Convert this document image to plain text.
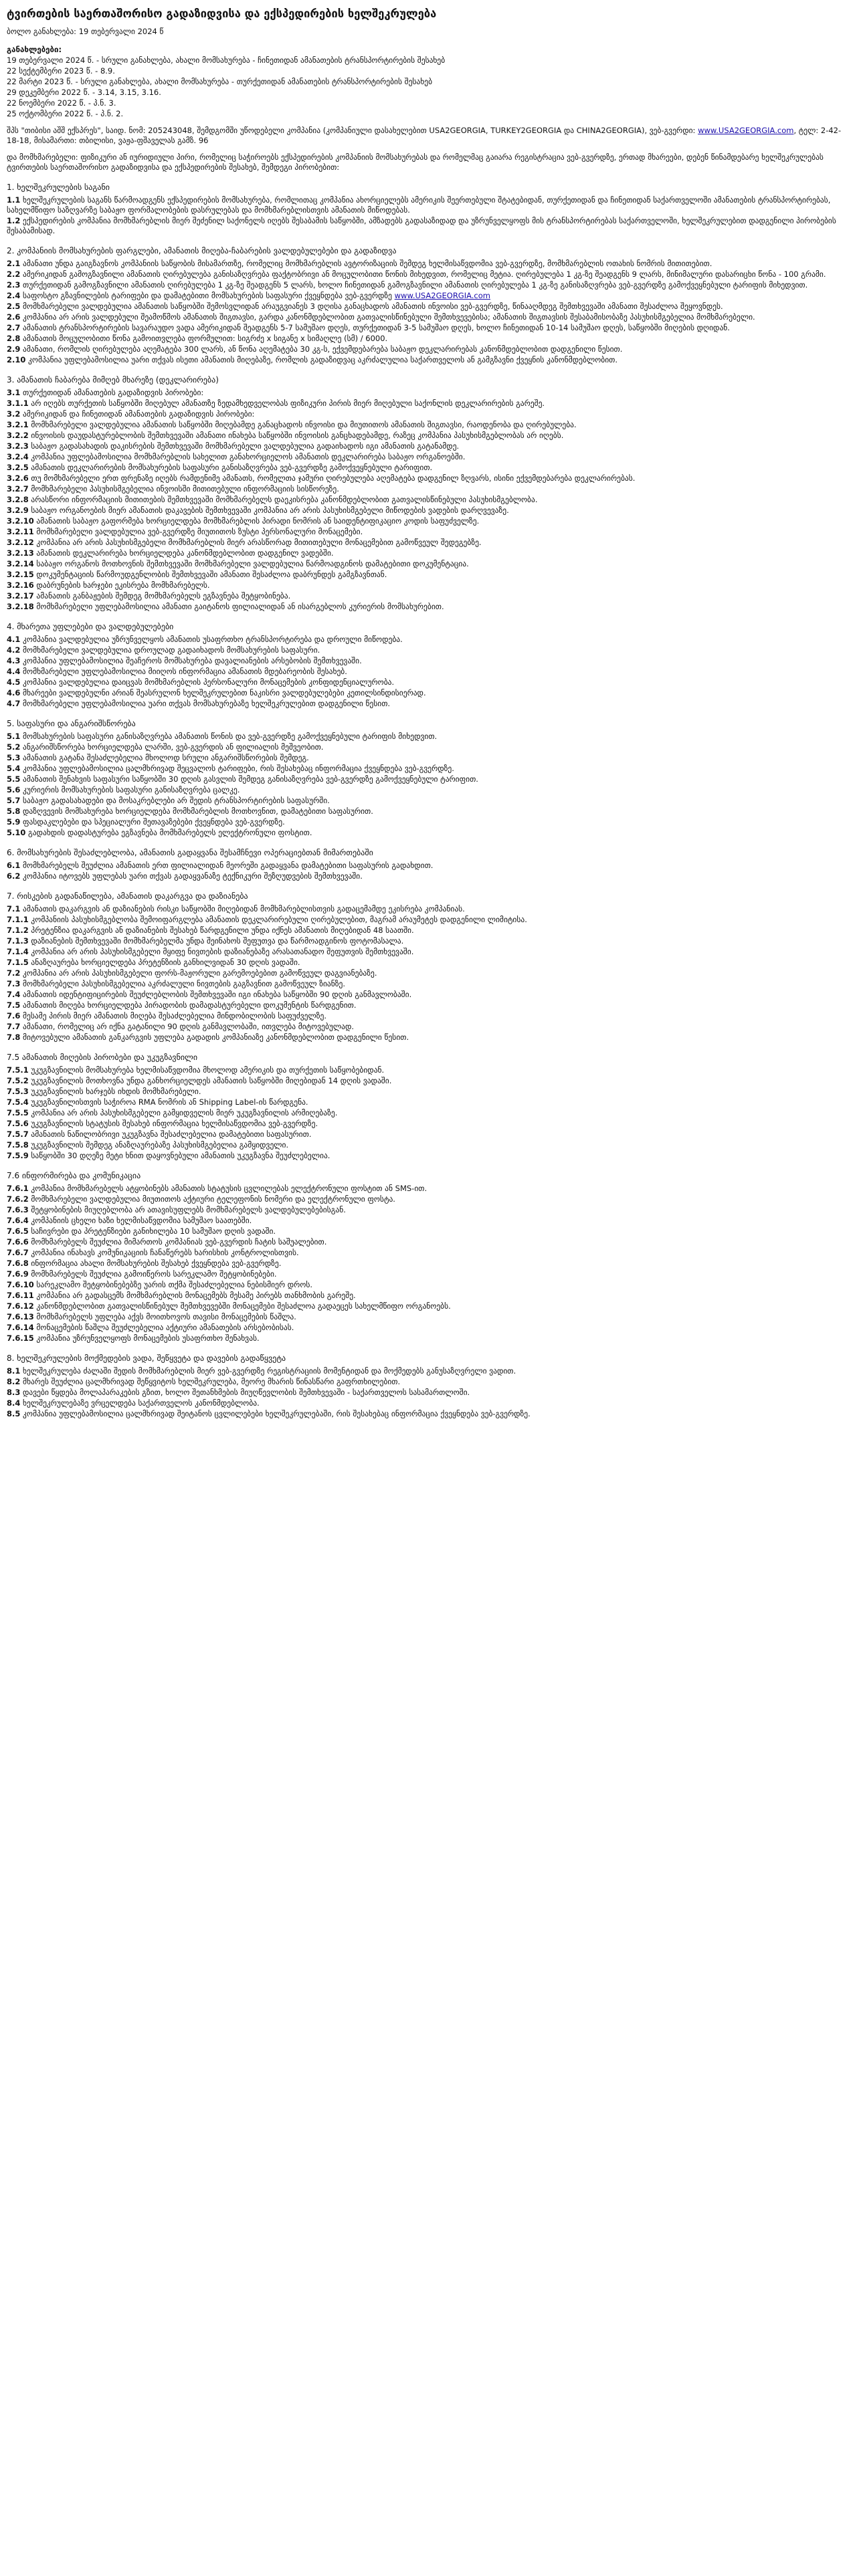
ტვირთების საერთაშორისო გადაზიდვისა და ექსპედირების ხელშეკრულება
ბოლო განახლება: 19 თებერვალი 2024 წ
განახლებები:
19 თებერვალი 2024 წ. - სრული განახლება, ახალი მომსახურება - ჩინეთიდან ამანათების ტრანსპორტირების შესახებ
22 სექტემბერი 2023 წ. - 8.9.
22 მარტი 2023 წ. - სრული განახლება, ახალი მომსახურება - თურქეთიდან ამანათების ტრანსპორტირების შესახებ
29 დეკემბერი 2022 წ. - 3.14, 3.15, 3.16.
22 ნოემბერი 2022 წ. - პ.ნ. 3.
25 ოქტომბერი 2022 წ. - პ.ნ. 2.

შპს "თიბისი აშშ ექსპრეს", საიდ. ნომ: 205243048, შემდგომში უწოდებელი კომპანია (კომპანიული დასახელებით USA2GEORGIA, TURKEY2GEORGIA და CHINA2GEORGIA), ვებ-გვერდი: www.USA2GEORGIA.com, ტელ: 2-42-18-18, მისამართი: თბილისი, ვაჟა-ფშაველას გამზ. 96

და მომხმარებელი: ფიზიკური ან იურიდიული პირი, რომელიც საჭიროებს ექსპედირების კომპანიის მომსახურებას და რომელმაც გაიარა რეგისტრაცია ვებ-გვერდზე, ერთად მხარეები, დებენ წინამდებარე ხელშეკრულებას ტვირთების საერთაშორისო გადაზიდვისა და ექსპედირების შესახებ, შემდეგი პირობებით:

1. ხელშეკრულების საგანი
1.1 ხელშეკრულების საგანს წარმოადგენს ექსპედირების მომსახურება, რომლითაც კომპანია ახორციელებს ამერიკის შეერთებული შტატებიდან, თურქეთიდან და ჩინეთიდან საქართველოში ამანათების ტრანსპორტირებას, სახელმწიფო საზღვარზე საბაჟო ფორმალობების დასრულებას და მომხმარებლისთვის ამანათის მიწოდებას.
1.2 ექსპედირების კომპანია მომხმარებლის მიერ შეძენილ საქონელს იღებს შესაბამის საწყობში, ამზადებს გადასაზიდად და უზრუნველყოფს მის ტრანსპორტირებას საქართველოში, ხელშეკრულებით დადგენილი პირობების შესაბამისად.
2. კომპანიის მომსახურების ფარგლები, ამანათის მიღება-ჩაბარების ვალდებულებები და გადაზიდვა
2.1 ამანათი უნდა გაიგზავნოს კომპანიის საწყობის მისამართზე, რომელიც მომხმარებლის ავტორიზაციის შემდეგ ხელმისაწვდომია ვებ-გვერდზე, მომხმარებლის ოთახის ნომრის მითითებით.
2.2 ამერიკიდან გამოგზავნილი ამანათის ღირებულება განისაზღვრება ფაქტობრივი ან მოცულობითი წონის მიხედვით, რომელიც მეტია. ღირებულება 1 კგ-ზე შეადგენს 9 ლარს, მინიმალური დასარიცხი წონა - 100 გრამი.
2.3 თურქეთიდან გამოგზავნილი ამანათის ღირებულება 1 კგ-ზე შეადგენს 5 ლარს, ხოლო ჩინეთიდან გამოგზავნილი ამანათის ღირებულება 1 კგ-ზე განისაზღვრება ვებ-გვერდზე გამოქვეყნებული ტარიფის მიხედვით.
2.4 საფოსტო გზავნილების ტარიფები და დამატებითი მომსახურების საფასური ქვეყნდება ვებ-გვერდზე www.USA2GEORGIA.com
2.5 მომხმარებელი ვალდებულია ამანათის საწყობში შემოსვლიდან არაუგვიანეს 3 დღისა განაცხადოს ამანათის ინვოისი ვებ-გვერდზე, წინააღმდეგ შემთხვევაში ამანათი შესაძლოა შეყოვნდეს.
2.6 კომპანია არ არის ვალდებული შეამოწმოს ამანათის შიგთავსი, გარდა კანონმდებლობით გათვალისწინებული შემთხვევებისა; ამანათის შიგთავსის შესაბამისობაზე პასუხისმგებელია მომხმარებელი.
2.7 ამანათის ტრანსპორტირების სავარაუდო ვადა ამერიკიდან შეადგენს 5-7 სამუშაო დღეს, თურქეთიდან 3-5 სამუშაო დღეს, ხოლო ჩინეთიდან 10-14 სამუშაო დღეს, საწყობში მიღების დღიდან.
2.8 ამანათის მოცულობითი წონა გამოითვლება ფორმულით: სიგრძე x სიგანე x სიმაღლე (სმ) / 6000.
2.9 ამანათი, რომლის ღირებულება აღემატება 300 ლარს, ან წონა აღემატება 30 კგ-ს, ექვემდებარება საბაჟო დეკლარირებას კანონმდებლობით დადგენილი წესით.
2.10 კომპანია უფლებამოსილია უარი თქვას ისეთი ამანათის მიღებაზე, რომლის გადაზიდვაც აკრძალულია საქართველოს ან გამგზავნი ქვეყნის კანონმდებლობით.
3. ამანათის ჩაბარება მიმღებ მხარეზე (დეკლარირება)
3.1 თურქეთიდან ამანათების გადაზიდვის პირობები:
3.1.1 არ იღებს თურქეთის საწყობში მიღებულ ამანათზე ზედამხედველობას ფიზიკური პირის მიერ მიღებული საქონლის დეკლარირების გარეშე.
3.2 ამერიკიდან და ჩინეთიდან ამანათების გადაზიდვის პირობები:
3.2.1 მომხმარებელი ვალდებულია ამანათის საწყობში მიღებამდე განაცხადოს ინვოისი და მიუთითოს ამანათის შიგთავსი, რაოდენობა და ღირებულება.
3.2.2 ინვოისის დაუდასტურებლობის შემთხვევაში ამანათი ინახება საწყობში ინვოისის განცხადებამდე, რაზეც კომპანია პასუხისმგებლობას არ იღებს.
3.2.3 საბაჟო გადასახადის დაკისრების შემთხვევაში მომხმარებელი ვალდებულია გადაიხადოს იგი ამანათის გატანამდე.
3.2.4 კომპანია უფლებამოსილია მომხმარებლის სახელით განახორციელოს ამანათის დეკლარირება საბაჟო ორგანოებში.
3.2.5 ამანათის დეკლარირების მომსახურების საფასური განისაზღვრება ვებ-გვერდზე გამოქვეყნებული ტარიფით.
3.2.6 თუ მომხმარებელი ერთ ფრენაზე იღებს რამდენიმე ამანათს, რომელთა ჯამური ღირებულება აღემატება დადგენილ ზღვარს, ისინი ექვემდებარება დეკლარირებას.
3.2.7 მომხმარებელი პასუხისმგებელია ინვოისში მითითებული ინფორმაციის სისწორეზე.
3.2.8 არასწორი ინფორმაციის მითითების შემთხვევაში მომხმარებელს დაეკისრება კანონმდებლობით გათვალისწინებული პასუხისმგებლობა.
3.2.9 საბაჟო ორგანოების მიერ ამანათის დაკავების შემთხვევაში კომპანია არ არის პასუხისმგებელი მიწოდების ვადების დარღვევაზე.
3.2.10 ამანათის საბაჟო გაფორმება ხორციელდება მომხმარებლის პირადი ნომრის ან საიდენტიფიკაციო კოდის საფუძველზე.
3.2.11 მომხმარებელი ვალდებულია ვებ-გვერდზე მიუთითოს ზუსტი პერსონალური მონაცემები.
3.2.12 კომპანია არ არის პასუხისმგებელი მომხმარებლის მიერ არასწორად მითითებული მონაცემებით გამოწვეულ შედეგებზე.
3.2.13 ამანათის დეკლარირება ხორციელდება კანონმდებლობით დადგენილ ვადებში.
3.2.14 საბაჟო ორგანოს მოთხოვნის შემთხვევაში მომხმარებელი ვალდებულია წარმოადგინოს დამატებითი დოკუმენტაცია.
3.2.15 დოკუმენტაციის წარმოუდგენლობის შემთხვევაში ამანათი შესაძლოა დაბრუნდეს გამგზავნთან.
3.2.16 დაბრუნების ხარჯები ეკისრება მომხმარებელს.
3.2.17 ამანათის განბაჟების შემდეგ მომხმარებელს ეგზავნება შეტყობინება.
3.2.18 მომხმარებელი უფლებამოსილია ამანათი გაიტანოს ფილიალიდან ან ისარგებლოს კურიერის მომსახურებით.
4. მხარეთა უფლებები და ვალდებულებები
4.1 კომპანია ვალდებულია უზრუნველყოს ამანათის უსაფრთხო ტრანსპორტირება და დროული მიწოდება.
4.2 მომხმარებელი ვალდებულია დროულად გადაიხადოს მომსახურების საფასური.
4.3 კომპანია უფლებამოსილია შეაჩეროს მომსახურება დავალიანების არსებობის შემთხვევაში.
4.4 მომხმარებელი უფლებამოსილია მიიღოს ინფორმაცია ამანათის მდებარეობის შესახებ.
4.5 კომპანია ვალდებულია დაიცვას მომხმარებლის პერსონალური მონაცემების კონფიდენციალურობა.
4.6 მხარეები ვალდებულნი არიან შეასრულონ ხელშეკრულებით ნაკისრი ვალდებულებები კეთილსინდისიერად.
4.7 მომხმარებელი უფლებამოსილია უარი თქვას მომსახურებაზე ხელშეკრულებით დადგენილი წესით.
5. საფასური და ანგარიშსწორება
5.1 მომსახურების საფასური განისაზღვრება ამანათის წონის და ვებ-გვერდზე გამოქვეყნებული ტარიფის მიხედვით.
5.2 ანგარიშსწორება ხორციელდება ლარში, ვებ-გვერდის ან ფილიალის მეშვეობით.
5.3 ამანათის გატანა შესაძლებელია მხოლოდ სრული ანგარიშსწორების შემდეგ.
5.4 კომპანია უფლებამოსილია ცალმხრივად შეცვალოს ტარიფები, რის შესახებაც ინფორმაცია ქვეყნდება ვებ-გვერდზე.
5.5 ამანათის შენახვის საფასური საწყობში 30 დღის გასვლის შემდეგ განისაზღვრება ვებ-გვერდზე გამოქვეყნებული ტარიფით.
5.6 კურიერის მომსახურების საფასური განისაზღვრება ცალკე.
5.7 საბაჟო გადასახადები და მოსაკრებლები არ შედის ტრანსპორტირების საფასურში.
5.8 დაზღვევის მომსახურება ხორციელდება მომხმარებლის მოთხოვნით, დამატებითი საფასურით.
5.9 ფასდაკლებები და სპეციალური შეთავაზებები ქვეყნდება ვებ-გვერდზე.
5.10 გადახდის დადასტურება ეგზავნება მომხმარებელს ელექტრონული ფოსტით.
6. მომსახურების შესაძლებლობა, ამანათის გადაყვანა შესამჩნევი ოპერაციებთან მიმართებაში
6.1 მომხმარებელს შეუძლია ამანათის ერთ ფილიალიდან მეორეში გადაყვანა დამატებითი საფასურის გადახდით.
6.2 კომპანია იტოვებს უფლებას უარი თქვას გადაყვანაზე ტექნიკური შეზღუდვების შემთხვევაში.
7. რისკების გადანაწილება, ამანათის დაკარგვა და დაზიანება
7.1 ამანათის დაკარგვის ან დაზიანების რისკი საწყობში მიღებიდან მომხმარებლისთვის გადაცემამდე ეკისრება კომპანიას.
7.1.1 კომპანიის პასუხისმგებლობა შემოიფარგლება ამანათის დეკლარირებული ღირებულებით, მაგრამ არაუმეტეს დადგენილი ლიმიტისა.
7.1.2 პრეტენზია დაკარგვის ან დაზიანების შესახებ წარდგენილი უნდა იქნეს ამანათის მიღებიდან 48 საათში.
7.1.3 დაზიანების შემთხვევაში მომხმარებელმა უნდა შეინახოს შეფუთვა და წარმოადგინოს ფოტომასალა.
7.1.4 კომპანია არ არის პასუხისმგებელი მყიფე ნივთების დაზიანებაზე არასათანადო შეფუთვის შემთხვევაში.
7.1.5 ანაზღაურება ხორციელდება პრეტენზიის განხილვიდან 30 დღის ვადაში.
7.2 კომპანია არ არის პასუხისმგებელი ფორს-მაჟორული გარემოებებით გამოწვეულ დაგვიანებაზე.
7.3 მომხმარებელი პასუხისმგებელია აკრძალული ნივთების გაგზავნით გამოწვეულ ზიანზე.
7.4 ამანათის იდენტიფიცირების შეუძლებლობის შემთხვევაში იგი ინახება საწყობში 90 დღის განმავლობაში.
7.5 ამანათის მიღება ხორციელდება პირადობის დამადასტურებელი დოკუმენტის წარდგენით.
7.6 მესამე პირის მიერ ამანათის მიღება შესაძლებელია მინდობილობის საფუძველზე.
7.7 ამანათი, რომელიც არ იქნა გატანილი 90 დღის განმავლობაში, ითვლება მიტოვებულად.
7.8 მიტოვებული ამანათის განკარგვის უფლება გადადის კომპანიაზე კანონმდებლობით დადგენილი წესით.
7.5 ამანათის მიღების პირობები და უკუგზავნილი
7.5.1 უკუგზავნილის მომსახურება ხელმისაწვდომია მხოლოდ ამერიკის და თურქეთის საწყობებიდან.
7.5.2 უკუგზავნილის მოთხოვნა უნდა განხორციელდეს ამანათის საწყობში მიღებიდან 14 დღის ვადაში.
7.5.3 უკუგზავნილის ხარჯებს იხდის მომხმარებელი.
7.5.4 უკუგზავნილისთვის საჭიროა RMA ნომრის ან Shipping Label-ის წარდგენა.
7.5.5 კომპანია არ არის პასუხისმგებელი გამყიდველის მიერ უკუგზავნილის არმიღებაზე.
7.5.6 უკუგზავნილის სტატუსის შესახებ ინფორმაცია ხელმისაწვდომია ვებ-გვერდზე.
7.5.7 ამანათის ნაწილობრივი უკუგზავნა შესაძლებელია დამატებითი საფასურით.
7.5.8 უკუგზავნილის შემდეგ ანაზღაურებაზე პასუხისმგებელია გამყიდველი.
7.5.9 საწყობში 30 დღეზე მეტი ხნით დაყოვნებული ამანათის უკუგზავნა შეუძლებელია.
7.6 ინფორმირება და კომუნიკაცია
7.6.1 კომპანია მომხმარებელს ატყობინებს ამანათის სტატუსის ცვლილებას ელექტრონული ფოსტით ან SMS-ით.
7.6.2 მომხმარებელი ვალდებულია მიუთითოს აქტიური ტელეფონის ნომერი და ელექტრონული ფოსტა.
7.6.3 შეტყობინების მიუღებლობა არ ათავისუფლებს მომხმარებელს ვალდებულებებისგან.
7.6.4 კომპანიის ცხელი ხაზი ხელმისაწვდომია სამუშაო საათებში.
7.6.5 საჩივრები და პრეტენზიები განიხილება 10 სამუშაო დღის ვადაში.
7.6.6 მომხმარებელს შეუძლია მიმართოს კომპანიას ვებ-გვერდის ჩატის საშუალებით.
7.6.7 კომპანია ინახავს კომუნიკაციის ჩანაწერებს ხარისხის კონტროლისთვის.
7.6.8 ინფორმაცია ახალი მომსახურების შესახებ ქვეყნდება ვებ-გვერდზე.
7.6.9 მომხმარებელს შეუძლია გამოიწეროს სარეკლამო შეტყობინებები.
7.6.10 სარეკლამო შეტყობინებებზე უარის თქმა შესაძლებელია ნებისმიერ დროს.
7.6.11 კომპანია არ გადასცემს მომხმარებლის მონაცემებს მესამე პირებს თანხმობის გარეშე.
7.6.12 კანონმდებლობით გათვალისწინებულ შემთხვევებში მონაცემები შესაძლოა გადაეცეს სახელმწიფო ორგანოებს.
7.6.13 მომხმარებელს უფლება აქვს მოითხოვოს თავისი მონაცემების წაშლა.
7.6.14 მონაცემების წაშლა შეუძლებელია აქტიური ამანათების არსებობისას.
7.6.15 კომპანია უზრუნველყოფს მონაცემების უსაფრთხო შენახვას.
8. ხელშეკრულების მოქმედების ვადა, შეწყვეტა და დავების გადაწყვეტა
8.1 ხელშეკრულება ძალაში შედის მომხმარებლის მიერ ვებ-გვერდზე რეგისტრაციის მომენტიდან და მოქმედებს განუსაზღვრელი ვადით.
8.2 მხარეს შეუძლია ცალმხრივად შეწყვიტოს ხელშეკრულება, მეორე მხარის წინასწარი გაფრთხილებით.
8.3 დავები წყდება მოლაპარაკების გზით, ხოლო შეთანხმების მიუღწევლობის შემთხვევაში - საქართველოს სასამართლოში.
8.4 ხელშეკრულებაზე ვრცელდება საქართველოს კანონმდებლობა.
8.5 კომპანია უფლებამოსილია ცალმხრივად შეიტანოს ცვლილებები ხელშეკრულებაში, რის შესახებაც ინფორმაცია ქვეყნდება ვებ-გვერდზე.
